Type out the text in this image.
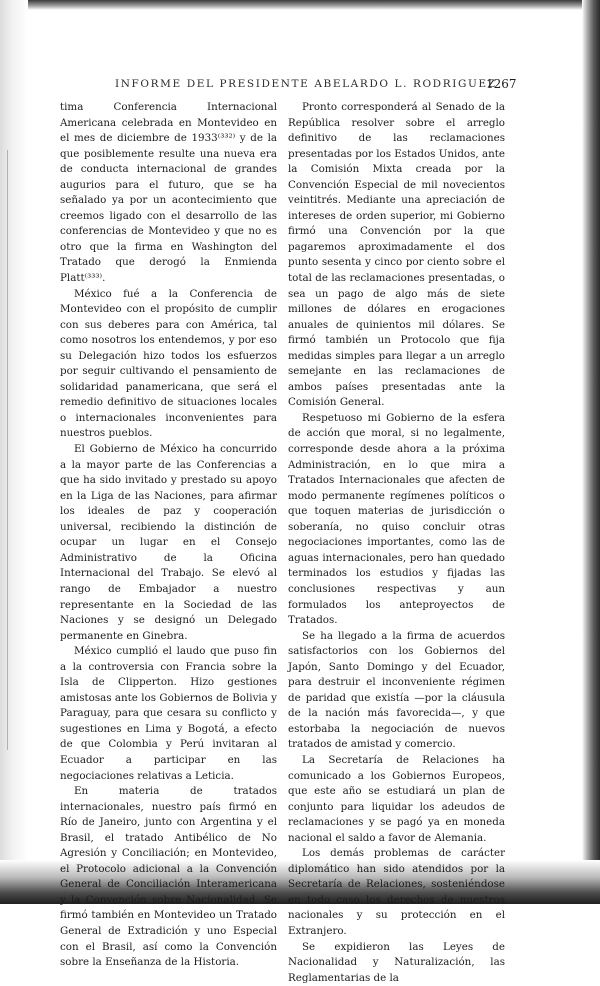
INFORME DEL PRESIDENTE ABELARDO L. RODRIGUEZ
1267

tima Conferencia Internacional Americana celebrada en Montevideo en el mes de diciembre de 1933⁽³³²⁾ y de la que posiblemente resulte una nueva era de conducta internacional de grandes augurios para el futuro, que se ha señalado ya por un acontecimiento que creemos ligado con el desarrollo de las conferencias de Montevideo y que no es otro que la firma en Washington del Tratado que derogó la Enmienda Platt⁽³³³⁾.

México fué a la Conferencia de Montevideo con el propósito de cumplir con sus deberes para con América, tal como nosotros los entendemos, y por eso su Delegación hizo todos los esfuerzos por seguir cultivando el pensamiento de solidaridad panamericana, que será el remedio definitivo de situaciones locales o internacionales inconvenientes para nuestros pueblos.

El Gobierno de México ha concurrido a la mayor parte de las Conferencias a que ha sido invitado y prestado su apoyo en la Liga de las Naciones, para afirmar los ideales de paz y cooperación universal, recibiendo la distinción de ocupar un lugar en el Consejo Administrativo de la Oficina Internacional del Trabajo. Se elevó al rango de Embajador a nuestro representante en la Sociedad de las Naciones y se designó un Delegado permanente en Ginebra.

México cumplió el laudo que puso fin a la controversia con Francia sobre la Isla de Clipperton. Hizo gestiones amistosas ante los Gobiernos de Bolivia y Paraguay, para que cesara su conflicto y sugestiones en Lima y Bogotá, a efecto de que Colombia y Perú invitaran al Ecuador a participar en las negociaciones relativas a Leticia.

En materia de tratados internacionales, nuestro país firmó en Río de Janeiro, junto con Argentina y el Brasil, el tratado Antibélico de No Agresión y Conciliación; en Montevideo, el Protocolo adicional a la Convención General de Conciliación Interamericana y la Convención sobre Nacionalidad. Se firmó también en Montevideo un Tratado General de Extradición y uno Especial con el Brasil, así como la Convención sobre la Enseñanza de la Historia.

Pronto corresponderá al Senado de la República resolver sobre el arreglo definitivo de las reclamaciones presentadas por los Estados Unidos, ante la Comisión Mixta creada por la Convención Especial de mil novecientos veintitrés. Mediante una apreciación de intereses de orden superior, mi Gobierno firmó una Convención por la que pagaremos aproximadamente el dos punto sesenta y cinco por ciento sobre el total de las reclamaciones presentadas, o sea un pago de algo más de siete millones de dólares en erogaciones anuales de quinientos mil dólares. Se firmó también un Protocolo que fija medidas simples para llegar a un arreglo semejante en las reclamaciones de ambos países presentadas ante la Comisión General.

Respetuoso mi Gobierno de la esfera de acción que moral, si no legalmente, corresponde desde ahora a la próxima Administración, en lo que mira a Tratados Internacionales que afecten de modo permanente regímenes políticos o que toquen materias de jurisdicción o soberanía, no quiso concluir otras negociaciones importantes, como las de aguas internacionales, pero han quedado terminados los estudios y fijadas las conclusiones respectivas y aun formulados los anteproyectos de Tratados.

Se ha llegado a la firma de acuerdos satisfactorios con los Gobiernos del Japón, Santo Domingo y del Ecuador, para destruir el inconveniente régimen de paridad que existía —por la cláusula de la nación más favorecida—, y que estorbaba la negociación de nuevos tratados de amistad y comercio.

La Secretaría de Relaciones ha comunicado a los Gobiernos Europeos, que este año se estudiará un plan de conjunto para liquidar los adeudos de reclamaciones y se pagó ya en moneda nacional el saldo a favor de Alemania.

Los demás problemas de carácter diplomático han sido atendidos por la Secretaría de Relaciones, sosteniéndose en todo caso los derechos de nuestros nacionales y su protección en el Extranjero.

Se expidieron las Leyes de Nacionalidad y Naturalización, las Reglamentarias de la
